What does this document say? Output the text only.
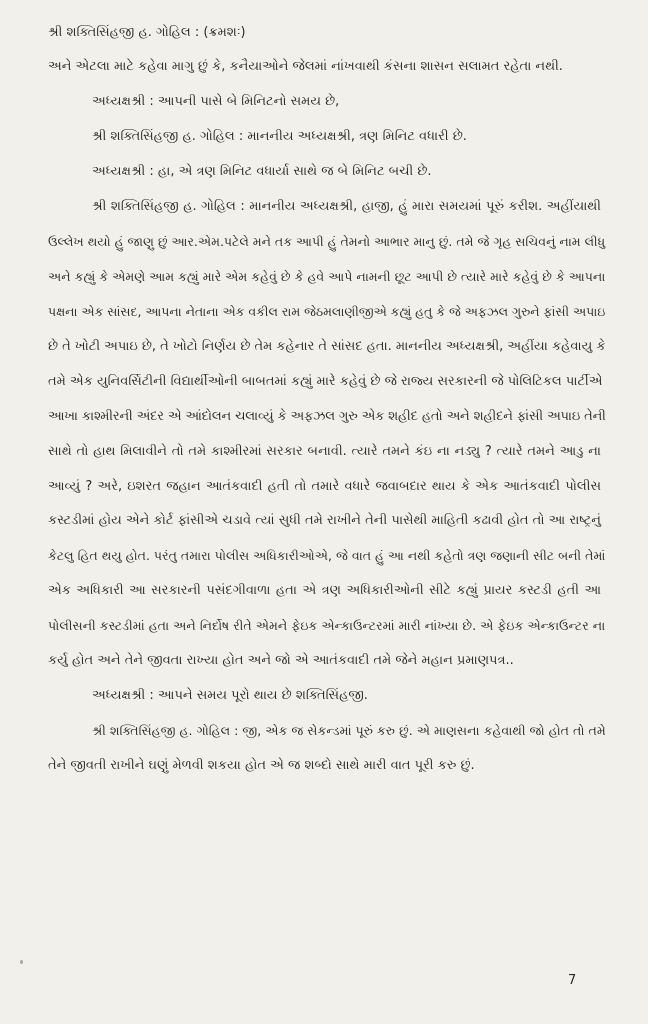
શ્રી શક્તિસિંહજી હ. ગોહિલ : (ક્રમશઃ)
અને એટલા માટે કહેવા માગુ છું કે, કનૈયાઓને જેલમાં નાંખવાથી કંસના શાસન સલામત રહેતા નથી.
અધ્યક્ષશ્રી : આપની પાસે બે મિનિટનો સમય છે,
શ્રી શક્તિસિંહજી હ. ગોહિલ : માનનીય અધ્યક્ષશ્રી, ત્રણ મિનિટ વધારી છે.
અધ્યક્ષશ્રી : હા, એ ત્રણ મિનિટ વધાર્યા સાથે જ બે મિનિટ બચી છે.
શ્રી શક્તિસિંહજી હ. ગોહિલ : માનનીય અધ્યક્ષશ્રી, હાજી, હું મારા સમયમાં પૂરું કરીશ. અહીંયાથી
ઉલ્લેખ થયો હું જાણુ છું આર.એમ.પટેલે મને તક આપી હું તેમનો આભાર માનુ છું. તમે જે ગૃહ સચિવનું નામ લીધુ
અને કહ્યું કે એમણે આમ કહ્યું મારે એમ કહેવું છે કે હવે આપે નામની છૂટ આપી છે ત્યારે મારે કહેવું છે કે આપના
પક્ષના એક સાંસદ, આપના નેતાના એક વકીલ રામ જેઠમલાણીજીએ કહ્યું હતુ કે જે અફઝલ ગુરુને ફાંસી અપાઇ
છે તે ખોટી અપાઇ છે, તે ખોટો નિર્ણય છે તેમ કહેનાર તે સાંસદ હતા. માનનીય અધ્યક્ષશ્રી, અહીંયા કહેવાયુ કે
તમે એક યુનિવર્સિટીની વિદ્યાર્થીઓની બાબતમાં કહ્યું મારે કહેવું છે જે રાજ્ય સરકારની જે પોલિટિકલ પાર્ટીએ
આખા કાશ્મીરની અંદર એ આંદોલન ચલાવ્યું કે અફઝલ ગુરુ એક શહીદ હતો અને શહીદને ફાંસી અપાઇ તેની
સાથે તો હાથ મિલાવીને તો તમે કાશ્મીરમાં સરકાર બનાવી. ત્યારે તમને કંઇ ના નડ્યુ ? ત્યારે તમને આડુ ના
આવ્યું ? અરે, ઇશરત જહાન આતંકવાદી હતી તો તમારે વધારે જવાબદાર થાય કે એક આતંકવાદી પોલીસ
કસ્ટડીમાં હોય એને કોર્ટ ફાંસીએ ચડાવે ત્યાં સુધી તમે રાખીને તેની પાસેથી માહિતી કઢાવી હોત તો આ રાષ્ટ્રનું
કેટલુ હિત થયુ હોત. પરંતુ તમારા પોલીસ અધિકારીઓએ, જે વાત હું આ નથી કહેતો ત્રણ જણાની સીટ બની તેમાં
એક અધિકારી આ સરકારની પસંદગીવાળા હતા એ ત્રણ અધિકારીઓની સીટે કહ્યું પ્રાયર કસ્ટડી હતી આ
પોલીસની કસ્ટડીમાં હતા અને નિર્દોષ રીતે એમને ફેઇક એન્કાઉન્ટરમાં મારી નાંખ્યા છે. એ ફેઇક એન્કાઉન્ટર ના
કર્યુ હોત અને તેને જીવતા રાખ્યા હોત અને જો એ આતંકવાદી તમે જેને મહાન પ્રમાણપત્ર..
અધ્યક્ષશ્રી : આપને સમય પૂરો થાય છે શક્તિસિંહજી.
શ્રી શક્તિસિંહજી હ. ગોહિલ : જી, એક જ સેકન્ડમાં પૂરું કરુ છું. એ માણસના કહેવાથી જો હોત તો તમે
તેને જીવતી રાખીને ઘણું મેળવી શકયા હોત એ જ શબ્દો સાથે મારી વાત પૂરી કરુ છું.
7
